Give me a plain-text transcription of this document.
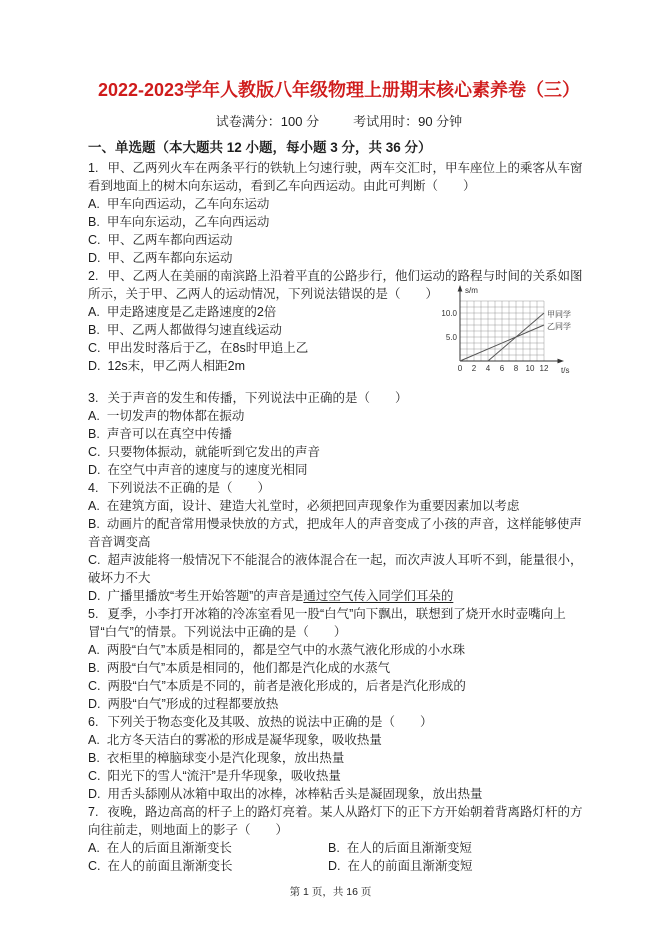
2022-2023学年人教版八年级物理上册期末核心素养卷（三）
试卷满分：100 分	考试用时：90 分钟
一、单选题（本大题共 12 小题，每小题 3 分，共 36 分）

1. 甲、乙两列火车在两条平行的铁轨上匀速行驶，两车交汇时，甲车座位上的乘客从车窗看到地面上的树木向东运动，看到乙车向西运动。由此可判断（　　）

A. 甲车向西运动，乙车向东运动
B. 甲车向东运动，乙车向西运动
C. 甲、乙两车都向西运动
D. 甲、乙两车都向东运动

2. 甲、乙两人在美丽的南滨路上沿着平直的公路步行，他们运动的路程与时间的关系如图所示，关于甲、乙两人的运动情况，下列说法错误的是（　　）	s/m
t/s
0 2 4 6 8 10 12
5.0
10.0	甲同学
乙同学
A. 甲走路速度是乙走路速度的2倍
B. 甲、乙两人都做得匀速直线运动
C. 甲出发时落后于乙，在8s时甲追上乙
D. 12s末，甲乙两人相距2m

3. 关于声音的发生和传播，下列说法中正确的是（　　）

A. 一切发声的物体都在振动
B. 声音可以在真空中传播
C. 只要物体振动，就能听到它发出的声音
D. 在空气中声音的速度与的速度光相同

4. 下列说法不正确的是（　　）

A. 在建筑方面，设计、建造大礼堂时，必须把回声现象作为重要因素加以考虑
B. 动画片的配音常用慢录快放的方式，把成年人的声音变成了小孩的声音，这样能够使声音音调变高
C. 超声波能将一般情况下不能混合的液体混合在一起，而次声波人耳听不到，能量很小，破坏力不大
D. 广播里播放“考生开始答题”的声音是通过空气传入同学们耳朵的

5. 夏季，小李打开冰箱的冷冻室看见一股“白气”向下飘出，联想到了烧开水时壶嘴向上冒“白气”的情景。下列说法中正确的是（　　）

A. 两股“白气”本质是相同的，都是空气中的水蒸气液化形成的小水珠
B. 两股“白气”本质是相同的，他们都是汽化成的水蒸气
C. 两股“白气”本质是不同的，前者是液化形成的，后者是汽化形成的
D. 两股“白气”形成的过程都要放热

6. 下列关于物态变化及其吸、放热的说法中正确的是（　　）

A. 北方冬天洁白的雾凇的形成是凝华现象，吸收热量
B. 衣柜里的樟脑球变小是汽化现象，放出热量
C. 阳光下的雪人“流汗”是升华现象，吸收热量
D. 用舌头舔刚从冰箱中取出的冰棒，冰棒粘舌头是凝固现象，放出热量

7. 夜晚，路边高高的杆子上的路灯亮着。某人从路灯下的正下方开始朝着背离路灯杆的方向往前走，则地面上的影子（　　）

A. 在人的后面且渐渐变长	B. 在人的后面且渐渐变短
C. 在人的前面且渐渐变长	D. 在人的前面且渐渐变短
第 1 页，共 16 页
